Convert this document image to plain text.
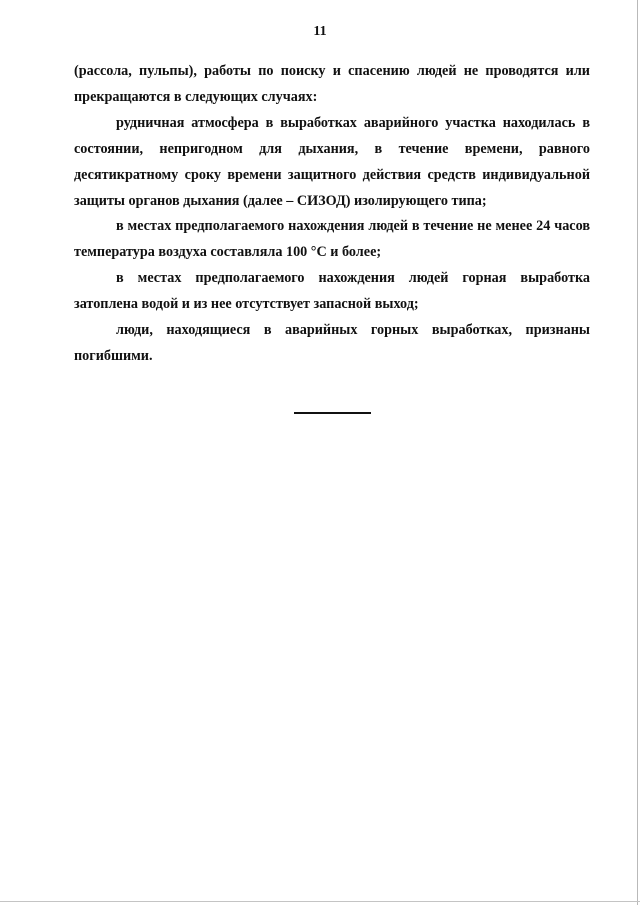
11

(рассола, пульпы), работы по поиску и спасению людей не проводятся или прекращаются в следующих случаях:

рудничная атмосфера в выработках аварийного участка находилась в состоянии, непригодном для дыхания, в течение времени, равного десятикратному сроку времени защитного действия средств индивидуальной защиты органов дыхания (далее – СИЗОД) изолирующего типа;

в местах предполагаемого нахождения людей в течение не менее 24 часов температура воздуха составляла 100 °С и более;

в местах предполагаемого нахождения людей горная выработка затоплена водой и из нее отсутствует запасной выход;

люди, находящиеся в аварийных горных выработках, признаны погибшими.
